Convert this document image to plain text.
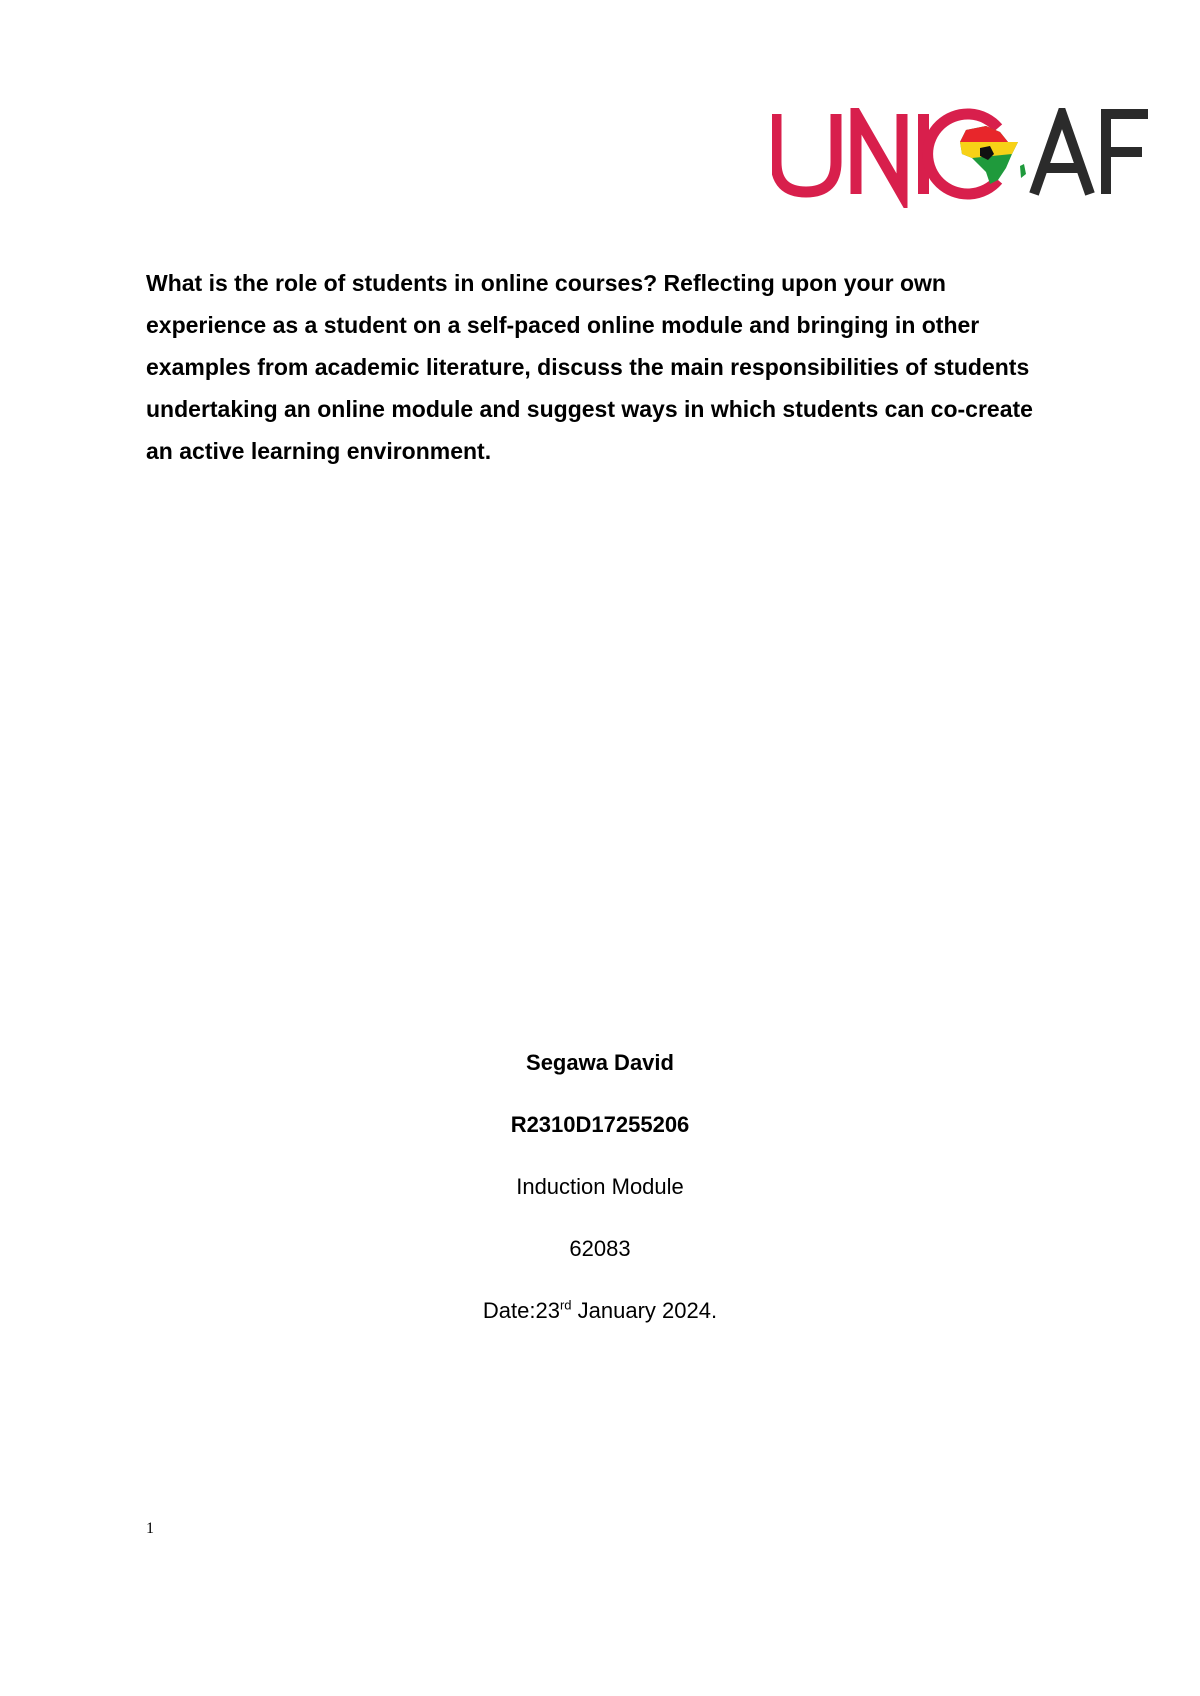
What is the role of students in online courses? Reflecting upon your own experience as a student on a self-paced online module and bringing in other examples from academic literature, discuss the main responsibilities of students undertaking an online module and suggest ways in which students can co-create an active learning environment.

Segawa David
R2310D17255206
Induction Module
62083
Date:23rd January 2024.
1
